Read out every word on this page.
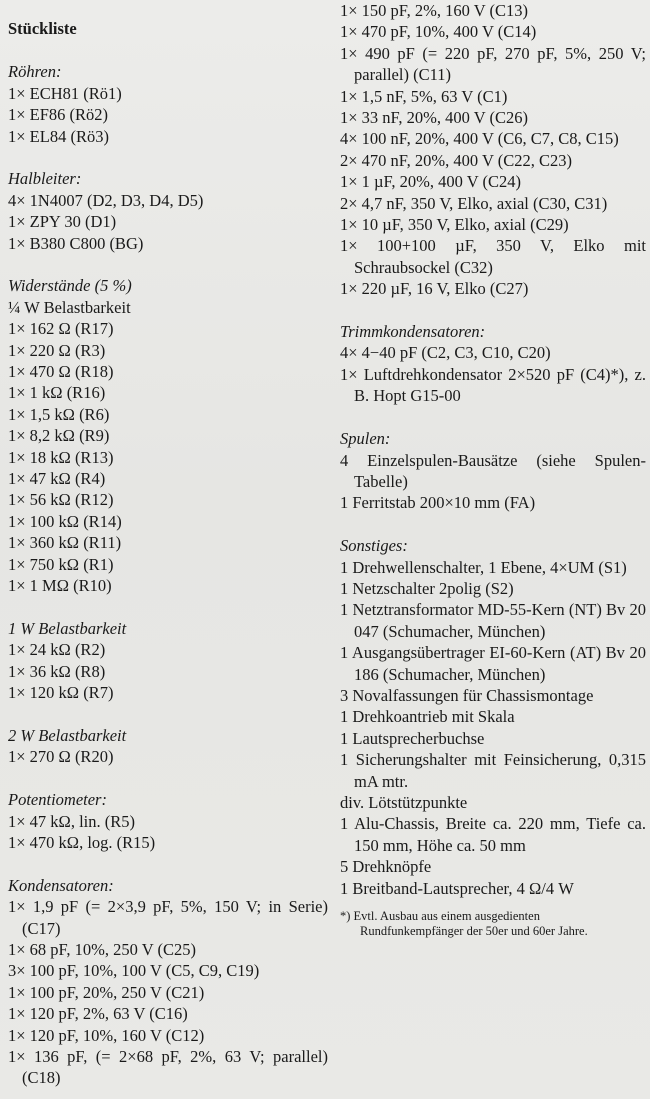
Stückliste
Röhren:
1× ECH81 (Rö1)
1× EF86 (Rö2)
1× EL84 (Rö3)
Halbleiter:
4× 1N4007 (D2, D3, D4, D5)
1× ZPY 30 (D1)
1× B380 C800 (BG)
Widerstände (5 %)
¼ W Belastbarkeit
1× 162 Ω (R17)
1× 220 Ω (R3)
1× 470 Ω (R18)
1× 1 kΩ (R16)
1× 1,5 kΩ (R6)
1× 8,2 kΩ (R9)
1× 18 kΩ (R13)
1× 47 kΩ (R4)
1× 56 kΩ (R12)
1× 100 kΩ (R14)
1× 360 kΩ (R11)
1× 750 kΩ (R1)
1× 1 MΩ (R10)
1 W Belastbarkeit
1× 24 kΩ (R2)
1× 36 kΩ (R8)
1× 120 kΩ (R7)
2 W Belastbarkeit
1× 270 Ω (R20)
Potentiometer:
1× 47 kΩ, lin. (R5)
1× 470 kΩ, log. (R15)
Kondensatoren:
1× 1,9 pF (= 2×3,9 pF, 5%, 150 V; in Serie) (C17)
1× 68 pF, 10%, 250 V (C25)
3× 100 pF, 10%, 100 V (C5, C9, C19)
1× 100 pF, 20%, 250 V (C21)
1× 120 pF, 2%, 63 V (C16)
1× 120 pF, 10%, 160 V (C12)
1× 136 pF, (= 2×68 pF, 2%, 63 V; parallel) (C18)
1× 150 pF, 2%, 160 V (C13)
1× 470 pF, 10%, 400 V (C14)
1× 490 pF (= 220 pF, 270 pF, 5%, 250 V; parallel) (C11)
1× 1,5 nF, 5%, 63 V (C1)
1× 33 nF, 20%, 400 V (C26)
4× 100 nF, 20%, 400 V (C6, C7, C8, C15)
2× 470 nF, 20%, 400 V (C22, C23)
1× 1 µF, 20%, 400 V (C24)
2× 4,7 nF, 350 V, Elko, axial (C30, C31)
1× 10 µF, 350 V, Elko, axial (C29)
1× 100+100 µF, 350 V, Elko mit Schraubsockel (C32)
1× 220 µF, 16 V, Elko (C27)
Trimmkondensatoren:
4× 4−40 pF (C2, C3, C10, C20)
1× Luftdrehkondensator 2×520 pF (C4)*), z. B. Hopt G15-00
Spulen:
4 Einzelspulen-Bausätze (siehe Spulen-Tabelle)
1 Ferritstab 200×10 mm (FA)
Sonstiges:
1 Drehwellenschalter, 1 Ebene, 4×UM (S1)
1 Netzschalter 2polig (S2)
1 Netztransformator MD-55-Kern (NT) Bv 20 047 (Schumacher, München)
1 Ausgangsübertrager EI-60-Kern (AT) Bv 20 186 (Schumacher, München)
3 Novalfassungen für Chassismontage
1 Drehkoantrieb mit Skala
1 Lautsprecherbuchse
1 Sicherungshalter mit Feinsicherung, 0,315 mA mtr.
div. Lötstützpunkte
1 Alu-Chassis, Breite ca. 220 mm, Tiefe ca. 150 mm, Höhe ca. 50 mm
5 Drehknöpfe
1 Breitband-Lautsprecher, 4 Ω/4 W
*) Evtl. Ausbau aus einem ausgedienten Rundfunkempfänger der 50er und 60er Jahre.
